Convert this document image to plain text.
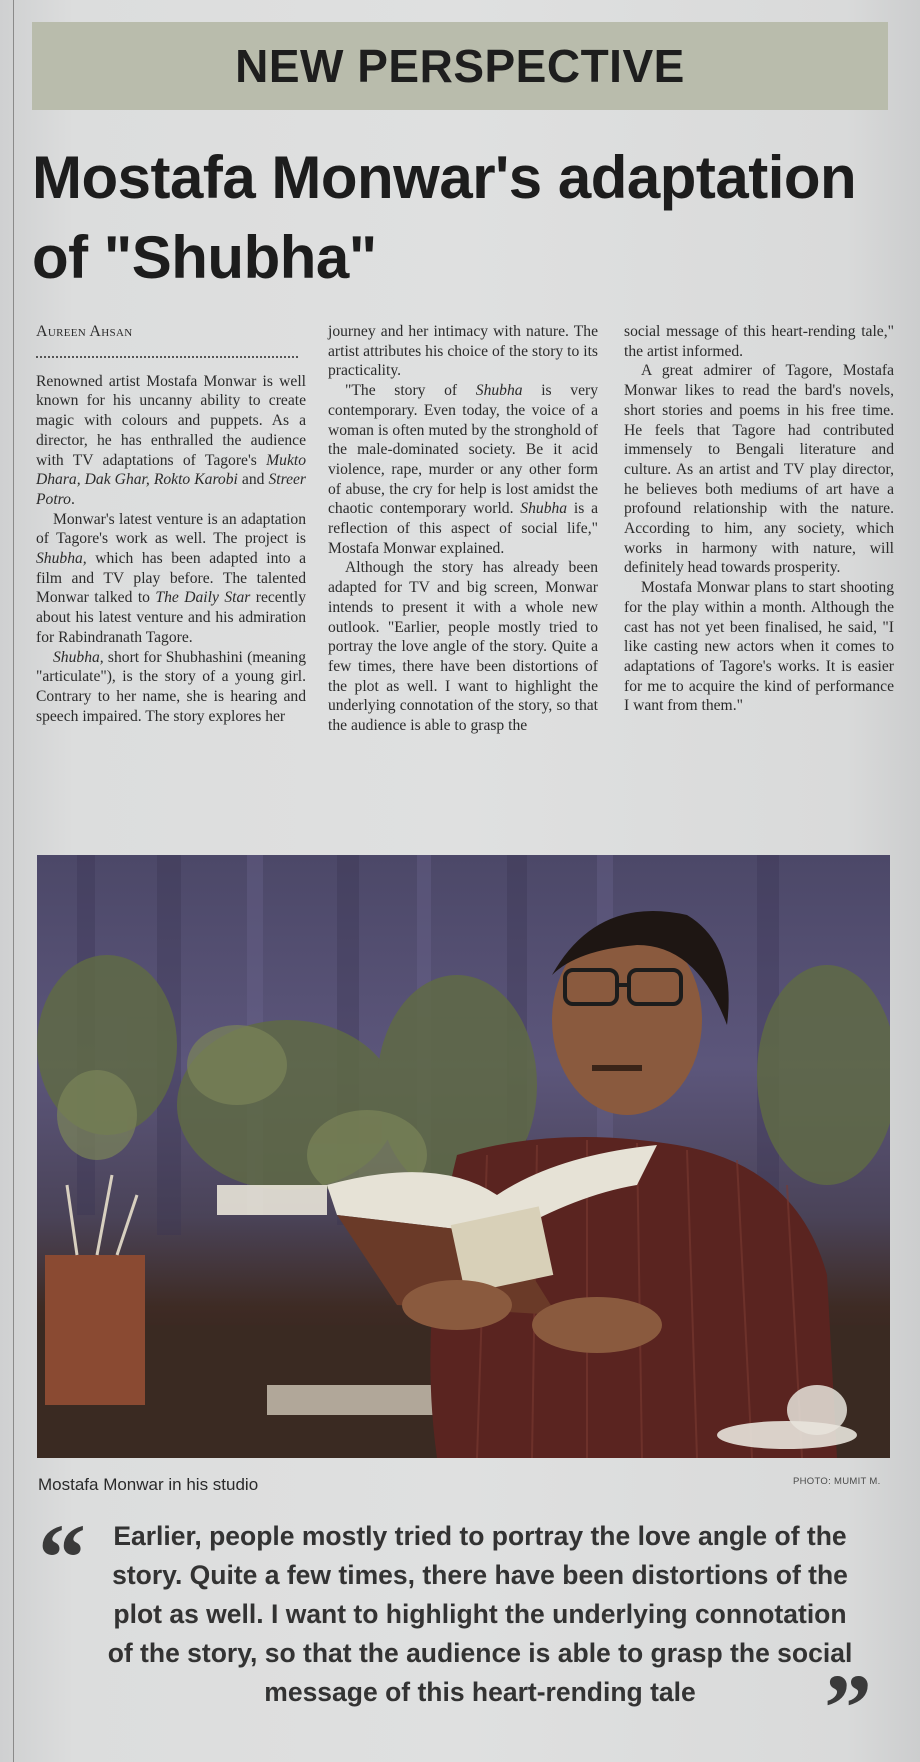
NEW PERSPECTIVE
Mostafa Monwar's adaptation
of "Shubha"
Aureen Ahsan

Renowned artist Mostafa Monwar is well known for his uncanny ability to create magic with colours and puppets. As a director, he has enthralled the audience with TV adaptations of Tagore's Mukto Dhara, Dak Ghar, Rokto Karobi and Streer Potro.

Monwar's latest venture is an adaptation of Tagore's work as well. The project is Shubha, which has been adapted into a film and TV play before. The talented Monwar talked to The Daily Star recently about his latest venture and his admiration for Rabindranath Tagore.

Shubha, short for Shubhashini (meaning "articulate"), is the story of a young girl. Contrary to her name, she is hearing and speech impaired. The story explores her

journey and her intimacy with nature. The artist attributes his choice of the story to its practicality.

"The story of Shubha is very contemporary. Even today, the voice of a woman is often muted by the stronghold of the male-dominated society. Be it acid violence, rape, murder or any other form of abuse, the cry for help is lost amidst the chaotic contemporary world. Shubha is a reflection of this aspect of social life," Mostafa Monwar explained.

Although the story has already been adapted for TV and big screen, Monwar intends to present it with a whole new outlook. "Earlier, people mostly tried to portray the love angle of the story. Quite a few times, there have been distortions of the plot as well. I want to highlight the underlying connotation of the story, so that the audience is able to grasp the

social message of this heart-rending tale," the artist informed.

A great admirer of Tagore, Mostafa Monwar likes to read the bard's novels, short stories and poems in his free time. He feels that Tagore had contributed immensely to Bengali literature and culture. As an artist and TV play director, he believes both mediums of art have a profound relationship with the nature. According to him, any society, which works in harmony with nature, will definitely head towards prosperity.

Mostafa Monwar plans to start shooting for the play within a month. Although the cast has not yet been finalised, he said, "I like casting new actors when it comes to adaptations of Tagore's works. It is easier for me to acquire the kind of performance I want from them."

Mostafa Monwar in his studio	PHOTO: MUMIT M.
“	Earlier, people mostly tried to portray the love angle of the story. Quite a few times, there have been distortions of the plot as well. I want to highlight the underlying connotation of the story, so that the audience is able to grasp the social message of this heart-rending tale	”
